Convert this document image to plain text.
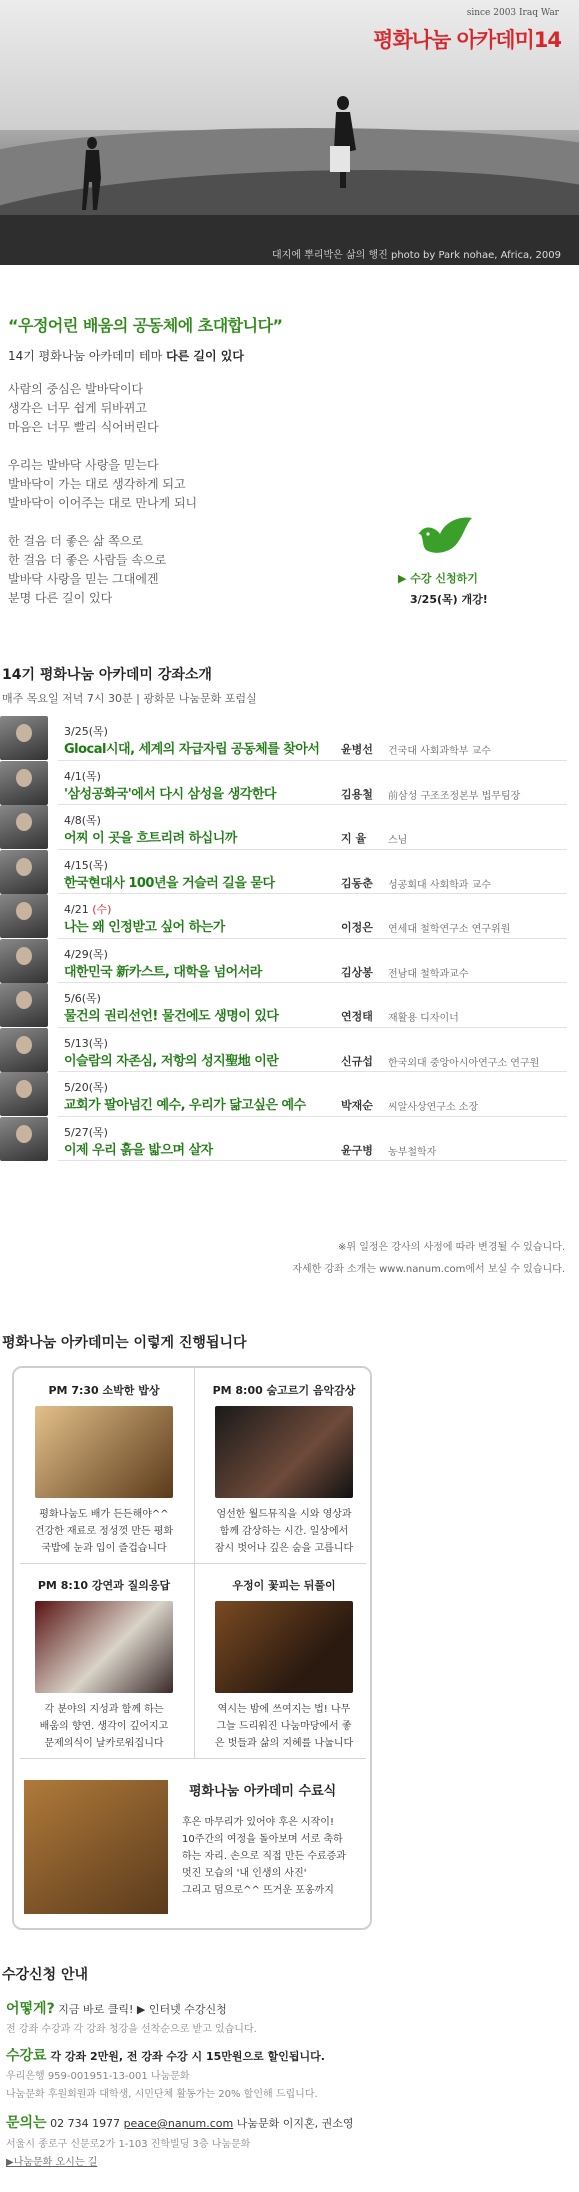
since 2003 Iraq War
평화나눔 아카데미14
대지에 뿌리박은 삶의 행진 photo by Park nohae, Africa, 2009
“우정어린 배움의 공동체에 초대합니다”
14기 평화나눔 아카데미 테마 다른 길이 있다

사람의 중심은 발바닥이다
생각은 너무 쉽게 뒤바뀌고
마음은 너무 빨리 식어버린다

우리는 발바닥 사랑을 믿는다
발바닥이 가는 대로 생각하게 되고
발바닥이 이어주는 대로 만나게 되니

한 걸음 더 좋은 삶 쪽으로
한 걸음 더 좋은 사람들 속으로
발바닥 사랑을 믿는 그대에겐
분명 다른 길이 있다

▶ 수강 신청하기
3/25(목) 개강!
14기 평화나눔 아카데미 강좌소개
매주 목요일 저녁 7시 30분 | 광화문 나눔문화 포럼실
3/25(목)
Glocal시대, 세계의 자급자립 공동체를 찾아서 윤병선 건국대 사회과학부 교수
4/1(목)
'삼성공화국'에서 다시 삼성을 생각한다	김용철 前삼성 구조조정본부 법무팀장
4/8(목)
어찌 이 곳을 흐트리려 하십니까	지 율 스님
4/15(목)
한국현대사 100년을 거슬러 길을 묻다	김동춘 성공회대 사회학과 교수
4/21 (수)
나는 왜 인정받고 싶어 하는가	이정은 연세대 철학연구소 연구위원
4/29(목)
대한민국 新카스트, 대학을 넘어서라	김상봉 전남대 철학과교수
5/6(목)
물건의 권리선언! 물건에도 생명이 있다	연정태 재활용 디자이너
5/13(목)
이슬람의 자존심, 저항의 성지聖地 이란	신규섭 한국외대 중앙아시아연구소 연구원
5/20(목)
교회가 팔아넘긴 예수, 우리가 닮고싶은 예수	박재순 씨알사상연구소 소장
5/27(목)
이제 우리 흙을 밟으며 살자	윤구병 농부철학자
※위 일정은 강사의 사정에 따라 변경될 수 있습니다.
자세한 강좌 소개는 www.nanum.com에서 보실 수 있습니다.
평화나눔 아카데미는 이렇게 진행됩니다
PM 7:30 소박한 밥상
평화나눔도 배가 든든해야^^
건강한 재료로 정성껏 만든 평화
국밥에 눈과 입이 즐겁습니다
PM 8:00 숨고르기 음악감상
엄선한 월드뮤직을 시와 영상과
함께 감상하는 시간. 일상에서
잠시 벗어나 깊은 숨을 고릅니다
PM 8:10 강연과 질의응답
각 분야의 지성과 함께 하는
배움의 향연. 생각이 깊어지고
문제의식이 날카로워집니다
우정이 꽃피는 뒤풀이
역시는 밤에 쓰여지는 법! 나무
그늘 드리워진 나눔마당에서 좋
은 벗들과 삶의 지혜를 나눕니다
평화나눔 아카데미 수료식
후은 마무리가 있어야 후은 시작이!
10주간의 여정을 돌아보며 서로 축하
하는 자리. 손으로 직접 만든 수료증과
멋진 모습의 '내 인생의 사진'
그리고 덤으로^^ 뜨거운 포옹까지
수강신청 안내
어떻게? 지금 바로 클릭! ▶ 인터넷 수강신청
전 강좌 수강과 각 강좌 청강을 선착순으로 받고 있습니다.
수강료 각 강좌 2만원, 전 강좌 수강 시 15만원으로 할인됩니다.
우리은행 959-001951-13-001 나눔문화
나눔문화 후원회원과 대학생, 시민단체 활동가는 20% 할인해 드립니다.
문의는 02 734 1977 peace@nanum.com 나눔문화 이지혼, 권소영
서울시 종로구 신문로2가 1-103 진학빌딩 3층 나눔문화
▶나눔문화 오시는 길
